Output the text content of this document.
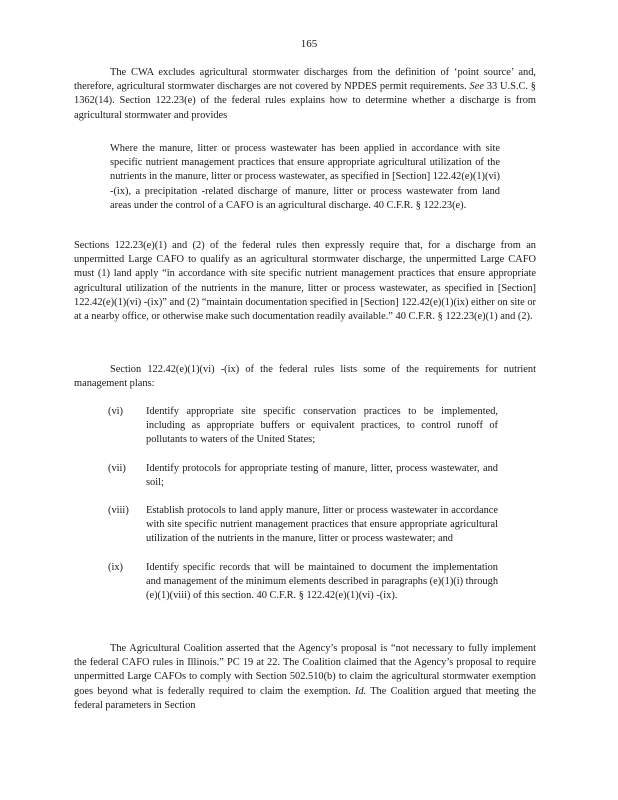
165

The CWA excludes agricultural stormwater discharges from the definition of ‘point source’ and, therefore, agricultural stormwater discharges are not covered by NPDES permit requirements. See 33 U.S.C. § 1362(14). Section 122.23(e) of the federal rules explains how to determine whether a discharge is from agricultural stormwater and provides

Where the manure, litter or process wastewater has been applied in accordance with site specific nutrient management practices that ensure appropriate agricultural utilization of the nutrients in the manure, litter or process wastewater, as specified in [Section] 122.42(e)(1)(vi) -(ix), a precipitation -related discharge of manure, litter or process wastewater from land areas under the control of a CAFO is an agricultural discharge. 40 C.F.R. § 122.23(e).

Sections 122.23(e)(1) and (2) of the federal rules then expressly require that, for a discharge from an unpermitted Large CAFO to qualify as an agricultural stormwater discharge, the unpermitted Large CAFO must (1) land apply “in accordance with site specific nutrient management practices that ensure appropriate agricultural utilization of the nutrients in the manure, litter or process wastewater, as specified in [Section] 122.42(e)(1)(vi) -(ix)” and (2) “maintain documentation specified in [Section] 122.42(e)(1)(ix) either on site or at a nearby office, or otherwise make such documentation readily available.” 40 C.F.R. § 122.23(e)(1) and (2).

Section 122.42(e)(1)(vi) -(ix) of the federal rules lists some of the requirements for nutrient management plans:

(vi)	Identify appropriate site specific conservation practices to be implemented, including as appropriate buffers or equivalent practices, to control runoff of pollutants to waters of the United States;
(vii)	Identify protocols for appropriate testing of manure, litter, process wastewater, and soil;
(viii)	Establish protocols to land apply manure, litter or process wastewater in accordance with site specific nutrient management practices that ensure appropriate agricultural utilization of the nutrients in the manure, litter or process wastewater; and
(ix)	Identify specific records that will be maintained to document the implementation and management of the minimum elements described in paragraphs (e)(1)(i) through (e)(1)(viii) of this section. 40 C.F.R. § 122.42(e)(1)(vi) -(ix).

The Agricultural Coalition asserted that the Agency’s proposal is “not necessary to fully implement the federal CAFO rules in Illinois.” PC 19 at 22. The Coalition claimed that the Agency’s proposal to require unpermitted Large CAFOs to comply with Section 502.510(b) to claim the agricultural stormwater exemption goes beyond what is federally required to claim the exemption. Id. The Coalition argued that meeting the federal parameters in Section
